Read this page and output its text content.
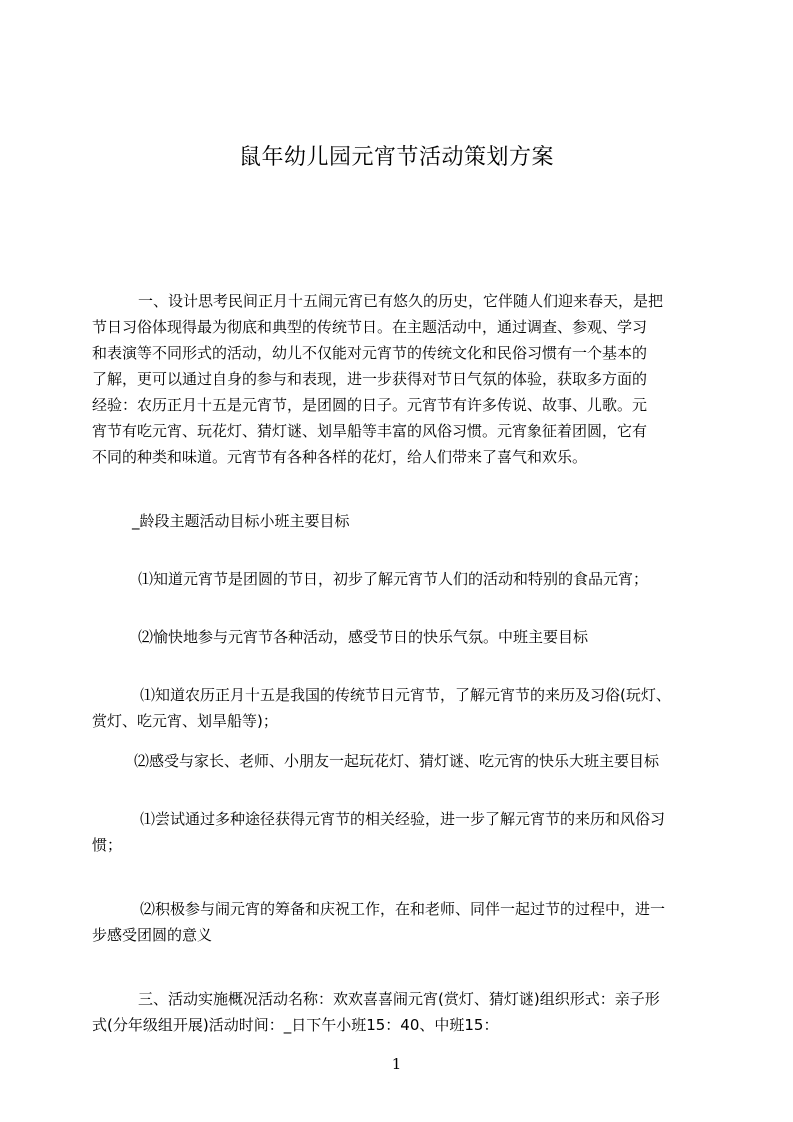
鼠年幼儿园元宵节活动策划方案
一、设计思考民间正月十五闹元宵已有悠久的历史，它伴随人们迎来春天，是把
节日习俗体现得最为彻底和典型的传统节日。在主题活动中，通过调查、参观、学习
和表演等不同形式的活动，幼儿不仅能对元宵节的传统文化和民俗习惯有一个基本的
了解，更可以通过自身的参与和表现，进一步获得对节日气氛的体验，获取多方面的
经验：农历正月十五是元宵节，是团圆的日子。元宵节有许多传说、故事、儿歌。元
宵节有吃元宵、玩花灯、猜灯谜、划旱船等丰富的风俗习惯。元宵象征着团圆，它有
不同的种类和味道。元宵节有各种各样的花灯，给人们带来了喜气和欢乐。
_龄段主题活动目标小班主要目标
⑴知道元宵节是团圆的节日，初步了解元宵节人们的活动和特别的食品元宵；
⑵愉快地参与元宵节各种活动，感受节日的快乐气氛。中班主要目标
⑴知道农历正月十五是我国的传统节日元宵节，了解元宵节的来历及习俗(玩灯、
赏灯、吃元宵、划旱船等)；
⑵感受与家长、老师、小朋友一起玩花灯、猜灯谜、吃元宵的快乐大班主要目标
⑴尝试通过多种途径获得元宵节的相关经验，进一步了解元宵节的来历和风俗习
惯；
⑵积极参与闹元宵的筹备和庆祝工作，在和老师、同伴一起过节的过程中，进一
步感受团圆的意义
三、活动实施概况活动名称：欢欢喜喜闹元宵(赏灯、猜灯谜)组织形式：亲子形
式(分年级组开展)活动时间：_日下午小班15：40、中班15：
1
